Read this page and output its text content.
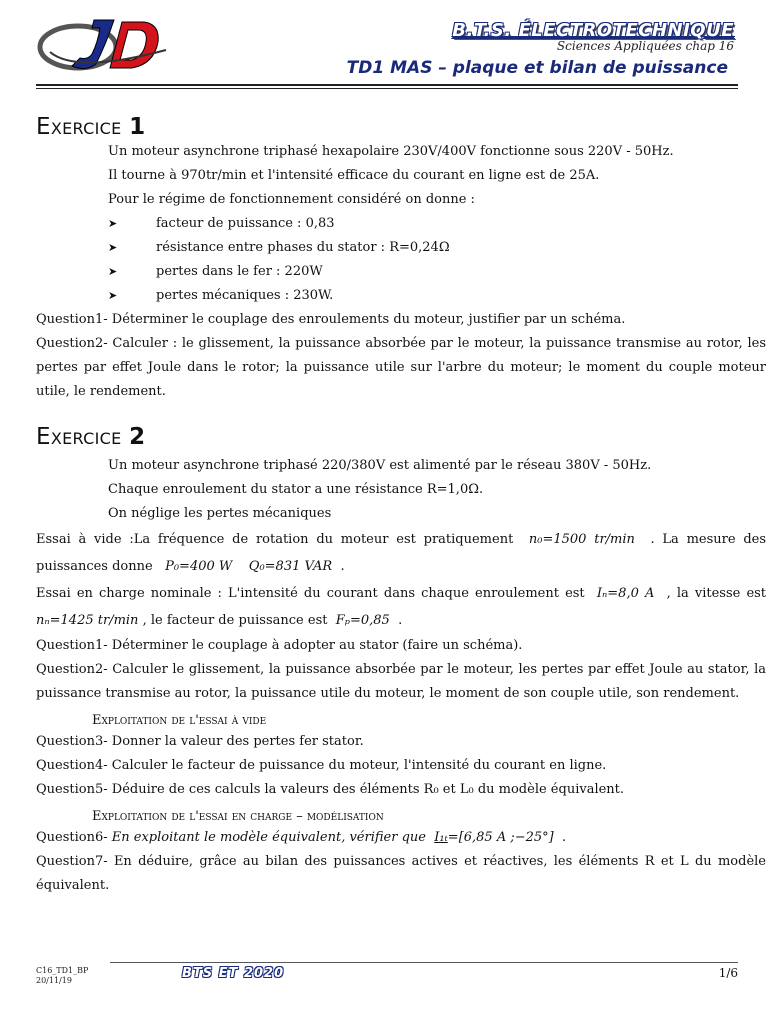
B.T.S. ÉLECTROTECHNIQUE
Sciences Appliquées chap 16
TD1 MAS – plaque et bilan de puissance
Exercice 1

Un moteur asynchrone triphasé hexapolaire 230V/400V fonctionne sous 220V - 50Hz.

Il tourne à 970tr/min et l'intensité efficace du courant en ligne est de 25A.

Pour le régime de fonctionnement considéré on donne :

➤	facteur de puissance : 0,83

➤	résistance entre phases du stator : R=0,24Ω

➤	pertes dans le fer : 220W

➤	pertes mécaniques : 230W.

Question1- Déterminer le couplage des enroulements du moteur, justifier par un schéma.

Question2- Calculer : le glissement, la puissance absorbée par le moteur, la puissance transmise au rotor, les pertes par effet Joule dans le rotor; la puissance utile sur l'arbre du moteur; le moment du couple moteur utile, le rendement.

Exercice 2

Un moteur asynchrone triphasé 220/380V est alimenté par le réseau 380V - 50Hz.

Chaque enroulement du stator a une résistance R=1,0Ω.

On néglige les pertes mécaniques

Essai à vide :La fréquence de rotation du moteur est pratiquement n₀=1500 tr/min . La mesure des puissances donne P₀=400 W Q₀=831 VAR .

Essai en charge nominale : L'intensité du courant dans chaque enroulement est Iₙ=8,0 A , la vitesse est nₙ=1425 tr/min , le facteur de puissance est Fₚ=0,85 .

Question1- Déterminer le couplage à adopter au stator (faire un schéma).

Question2- Calculer le glissement, la puissance absorbée par le moteur, les pertes par effet Joule au stator, la puissance transmise au rotor, la puissance utile du moteur, le moment de son couple utile, son rendement.

Exploitation de l'essai à vide

Question3- Donner la valeur des pertes fer stator.

Question4- Calculer le facteur de puissance du moteur, l'intensité du courant en ligne.

Question5- Déduire de ces calculs la valeurs des éléments R₀ et L₀ du modèle équivalent.

Exploitation de l'essai en charge – modélisation

Question6- En exploitant le modèle équivalent, vérifier que I₁ₜ=[6,85 A ;−25°] .

Question7- En déduire, grâce au bilan des puissances actives et réactives, les éléments R et L du modèle équivalent.

C16_TD1_BP
20/11/19	BTS ET 2020	1/6
